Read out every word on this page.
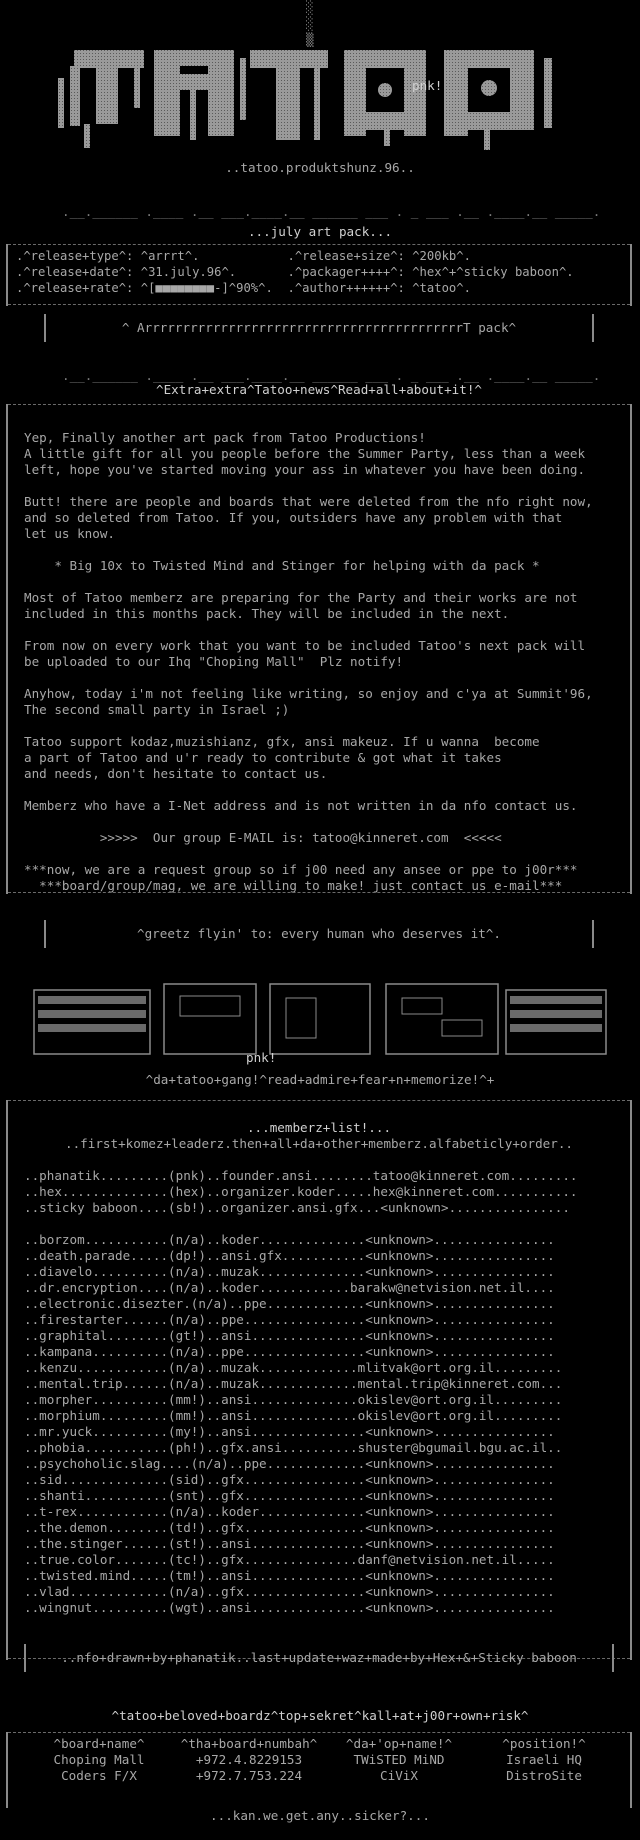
░
░
▒
pnk!
..tatoo.produktshunz.96..
.__.______ .____ .__ ___.____.__ ______ ___ . _ ___ .__ .____.__ _____.
...july art pack...
.^release+type^: ^arrrt^.            .^release+size^: ^200kb^.
.^release+date^: ^31.july.96^.       .^packager++++^: ^hex^+^sticky baboon^.
.^release+rate^: ^[■■■■■■■■-]^90%^.  .^author++++++^: ^tatoo^.
^ ArrrrrrrrrrrrrrrrrrrrrrrrrrrrrrrrrrrrrrrrrrT pack^
.__.______ .____ .__ ___.____.__ ______ ___ . _ ___ .__ .____.__ _____.
^Extra+extra^Tatoo+news^Read+all+about+it!^
Yep, Finally another art pack from Tatoo Productions!
A little gift for all you people before the Summer Party, less than a week
left, hope you've started moving your ass in whatever you have been doing.

Butt! there are people and boards that were deleted from the nfo right now,
and so deleted from Tatoo. If you, outsiders have any problem with that
let us know.

* Big 10x to Twisted Mind and Stinger for helping with da pack *

Most of Tatoo memberz are preparing for the Party and their works are not
included in this months pack. They will be included in the next.

From now on every work that you want to be included Tatoo's next pack will
be uploaded to our Ihq "Choping Mall"  Plz notify!

Anyhow, today i'm not feeling like writing, so enjoy and c'ya at Summit'96,
The second small party in Israel ;)

Tatoo support kodaz,muzishianz, gfx, ansi makeuz. If u wanna  become
a part of Tatoo and u'r ready to contribute & got what it takes
and needs, don't hesitate to contact us.

Memberz who have a I-Net address and is not written in da nfo contact us.

>>>>>  Our group E-MAIL is: tatoo@kinneret.com  <<<<<

***now, we are a request group so if j00 need any ansee or ppe to j00r***
***board/group/mag, we are willing to make! just contact us e-mail***
^greetz flyin' to: every human who deserves it^.
pnk!
^da+tatoo+gang!^read+admire+fear+n+memorize!^+
...memberz+list!...
..first+komez+leaderz.then+all+da+other+memberz.alfabeticly+order..

..phanatik.........(pnk)..founder.ansi........tatoo@kinneret.com.........
..hex..............(hex)..organizer.koder.....hex@kinneret.com...........
..sticky baboon....(sb!)..organizer.ansi.gfx...<unknown>................

..borzom...........(n/a)..koder..............<unknown>................
..death.parade.....(dp!)..ansi.gfx...........<unknown>................
..diavelo..........(n/a)..muzak..............<unknown>................
..dr.encryption....(n/a)..koder............barakw@netvision.net.il....
..electronic.disezter.(n/a)..ppe.............<unknown>................
..firestarter......(n/a)..ppe................<unknown>................
..graphital........(gt!)..ansi...............<unknown>................
..kampana..........(n/a)..ppe................<unknown>................
..kenzu............(n/a)..muzak.............mlitvak@ort.org.il.........
..mental.trip......(n/a)..muzak.............mental.trip@kinneret.com...
..morpher..........(mm!)..ansi..............okislev@ort.org.il.........
..morphium.........(mm!)..ansi..............okislev@ort.org.il.........
..mr.yuck..........(my!)..ansi...............<unknown>................
..phobia...........(ph!)..gfx.ansi..........shuster@bgumail.bgu.ac.il..
..psychoholic.slag....(n/a)..ppe.............<unknown>................
..sid..............(sid)..gfx................<unknown>................
..shanti...........(snt)..gfx................<unknown>................
..t-rex............(n/a)..koder..............<unknown>................
..the.demon........(td!)..gfx................<unknown>................
..the.stinger......(st!)..ansi...............<unknown>................
..true.color.......(tc!)..gfx...............danf@netvision.net.il.....
..twisted.mind.....(tm!)..ansi...............<unknown>................
..vlad.............(n/a)..gfx................<unknown>................
..wingnut..........(wgt)..ansi...............<unknown>................
..nfo+drawn+by+phanatik..last+update+waz+made+by+Hex+&+Sticky baboon
^tatoo+beloved+boardz^top+sekret^kall+at+j00r+own+risk^
^board+name^	^tha+board+numbah^	^da+'op+name!^	^position!^
Choping Mall	+972.4.8229153	TWiSTED MiND	Israeli HQ
Coders F/X	+972.7.753.224	CiViX	DistroSite
...kan.we.get.any..sicker?...
